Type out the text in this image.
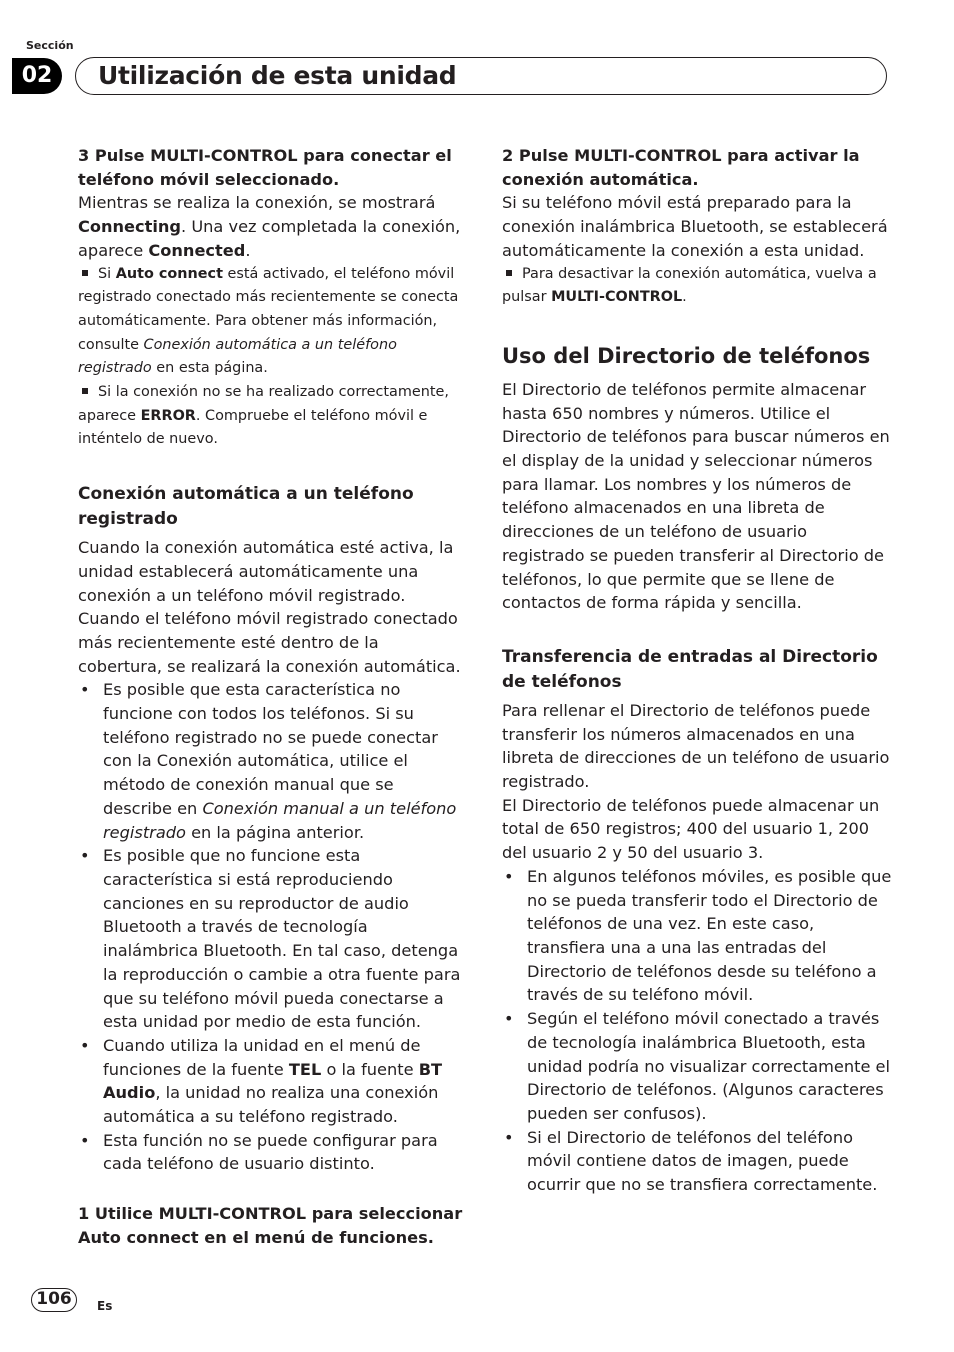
Sección
02	Utilización de esta unidad

3 Pulse MULTI-CONTROL para conectar el teléfono móvil seleccionado.

Mientras se realiza la conexión, se mostrará Connecting. Una vez completada la conexión, aparece Connected.

Si Auto connect está activado, el teléfono móvil registrado conectado más recientemente se conecta automáticamente. Para obtener más información, consulte Conexión automática a un teléfono registrado en esta página.

Si la conexión no se ha realizado correctamente, aparece ERROR. Compruebe el teléfono móvil e inténtelo de nuevo.

Conexión automática a un teléfono registrado

Cuando la conexión automática esté activa, la unidad establecerá automáticamente una conexión a un teléfono móvil registrado. Cuando el teléfono móvil registrado conectado más recientemente esté dentro de la cobertura, se realizará la conexión automática.

• Es posible que esta característica no funcione con todos los teléfonos. Si su teléfono registrado no se puede conectar con la Conexión automática, utilice el método de conexión manual que se describe en Conexión manual a un teléfono registrado en la página anterior.
• Es posible que no funcione esta característica si está reproduciendo canciones en su reproductor de audio Bluetooth a través de tecnología inalámbrica Bluetooth. En tal caso, detenga la reproducción o cambie a otra fuente para que su teléfono móvil pueda conectarse a esta unidad por medio de esta función.
• Cuando utiliza la unidad en el menú de funciones de la fuente TEL o la fuente BT Audio, la unidad no realiza una conexión automática a su teléfono registrado.
• Esta función no se puede configurar para cada teléfono de usuario distinto.

1 Utilice MULTI-CONTROL para seleccionar Auto connect en el menú de funciones.

2 Pulse MULTI-CONTROL para activar la conexión automática.

Si su teléfono móvil está preparado para la conexión inalámbrica Bluetooth, se establecerá automáticamente la conexión a esta unidad.

Para desactivar la conexión automática, vuelva a pulsar MULTI-CONTROL.

Uso del Directorio de teléfonos

El Directorio de teléfonos permite almacenar hasta 650 nombres y números. Utilice el Directorio de teléfonos para buscar números en el display de la unidad y seleccionar números para llamar. Los nombres y los números de teléfono almacenados en una libreta de direcciones de un teléfono de usuario registrado se pueden transferir al Directorio de teléfonos, lo que permite que se llene de contactos de forma rápida y sencilla.

Transferencia de entradas al Directorio de teléfonos

Para rellenar el Directorio de teléfonos puede transferir los números almacenados en una libreta de direcciones de un teléfono de usuario registrado.

El Directorio de teléfonos puede almacenar un total de 650 registros; 400 del usuario 1, 200 del usuario 2 y 50 del usuario 3.

• En algunos teléfonos móviles, es posible que no se pueda transferir todo el Directorio de teléfonos de una vez. En este caso, transfiera una a una las entradas del Directorio de teléfonos desde su teléfono a través de su teléfono móvil.
• Según el teléfono móvil conectado a través de tecnología inalámbrica Bluetooth, esta unidad podría no visualizar correctamente el Directorio de teléfonos. (Algunos caracteres pueden ser confusos).
• Si el Directorio de teléfonos del teléfono móvil contiene datos de imagen, puede ocurrir que no se transfiera correctamente.
106	Es
